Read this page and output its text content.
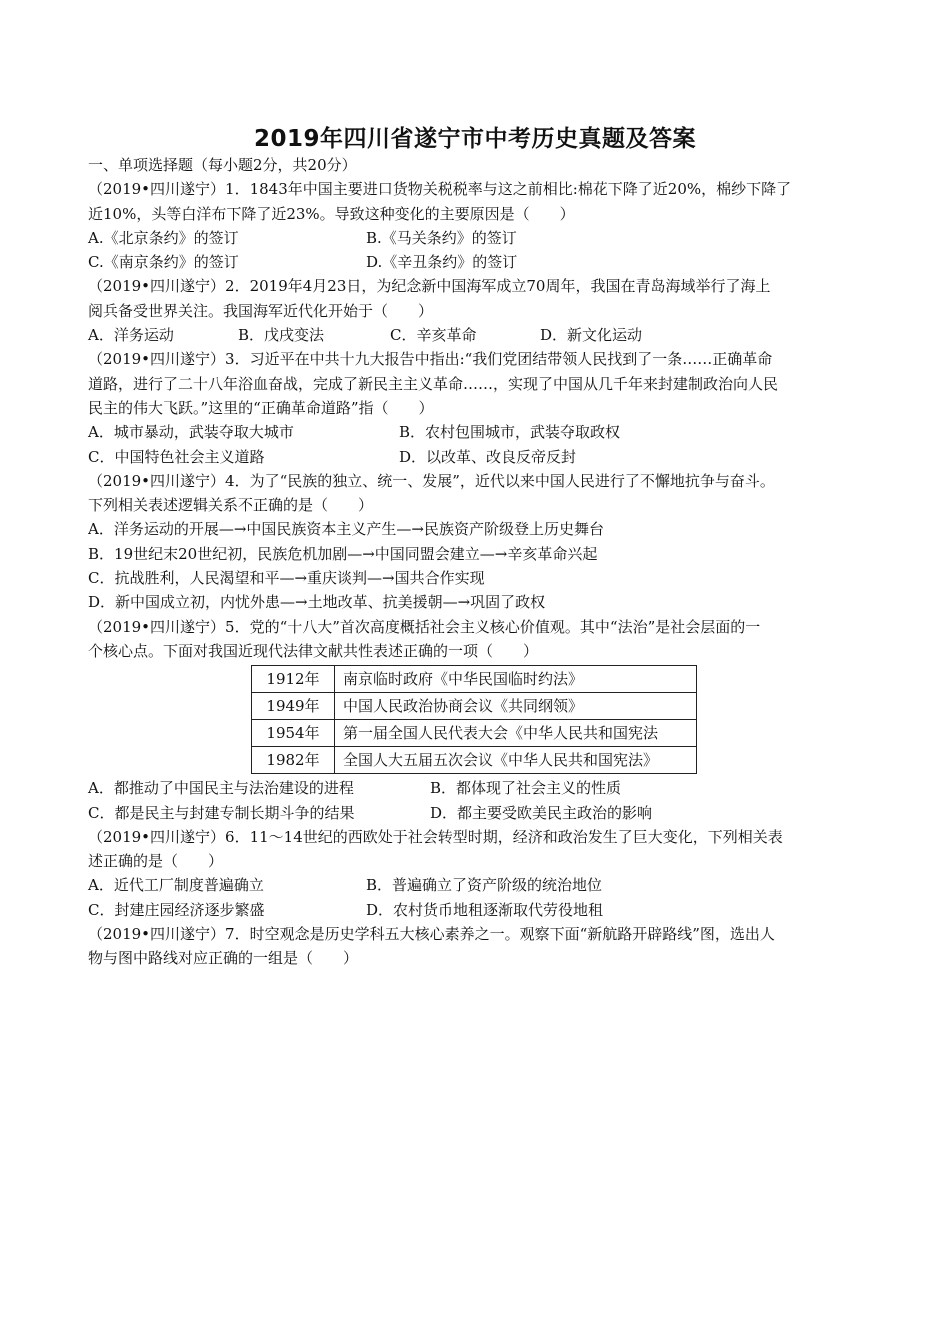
2019年四川省遂宁市中考历史真题及答案
一、单项选择题（每小题2分，共20分）
（2019•四川遂宁）1．1843年中国主要进口货物关税税率与这之前相比:棉花下降了近20%，棉纱下降了
近10%，头等白洋布下降了近23%。导致这种变化的主要原因是（　　）
A.《北京条约》的签订	B.《马关条约》的签订
C.《南京条约》的签订	D.《辛丑条约》的签订
（2019•四川遂宁）2．2019年4月23日，为纪念新中国海军成立70周年，我国在青岛海域举行了海上
阅兵备受世界关注。我国海军近代化开始于（　　）
A．洋务运动	B．戊戌变法	C．辛亥革命	D．新文化运动
（2019•四川遂宁）3．习近平在中共十九大报告中指出:“我们党团结带领人民找到了一条……正确革命
道路，进行了二十八年浴血奋战，完成了新民主主义革命……，实现了中国从几千年来封建制政治向人民
民主的伟大飞跃。”这里的“正确革命道路”指（　　）
A．城市暴动，武装夺取大城市	B．农村包围城市，武装夺取政权
C．中国特色社会主义道路	D．以改革、改良反帝反封
（2019•四川遂宁）4．为了“民族的独立、统一、发展”，近代以来中国人民进行了不懈地抗争与奋斗。
下列相关表述逻辑关系不正确的是（　　）
A．洋务运动的开展—→中国民族资本主义产生—→民族资产阶级登上历史舞台
B．19世纪末20世纪初，民族危机加剧—→中国同盟会建立—→辛亥革命兴起
C．抗战胜利，人民渴望和平—→重庆谈判—→国共合作实现
D．新中国成立初，内忧外患—→土地改革、抗美援朝—→巩固了政权
（2019•四川遂宁）5．党的“十八大”首次高度概括社会主义核心价值观。其中“法治”是社会层面的一
个核心点。下面对我国近现代法律文献共性表述正确的一项（　　）
1912年	南京临时政府《中华民国临时约法》
1949年	中国人民政治协商会议《共同纲领》
1954年	第一届全国人民代表大会《中华人民共和国宪法
1982年	全国人大五届五次会议《中华人民共和国宪法》
A．都推动了中国民主与法治建设的进程	B．都体现了社会主义的性质
C．都是民主与封建专制长期斗争的结果	D．都主要受欧美民主政治的影响
（2019•四川遂宁）6．11～14世纪的西欧处于社会转型时期，经济和政治发生了巨大变化，下列相关表
述正确的是（　　）
A．近代工厂制度普遍确立	B．普遍确立了资产阶级的统治地位
C．封建庄园经济逐步繁盛	D．农村货币地租逐渐取代劳役地租
（2019•四川遂宁）7．时空观念是历史学科五大核心素养之一。观察下面“新航路开辟路线”图，选出人
物与图中路线对应正确的一组是（　　）
